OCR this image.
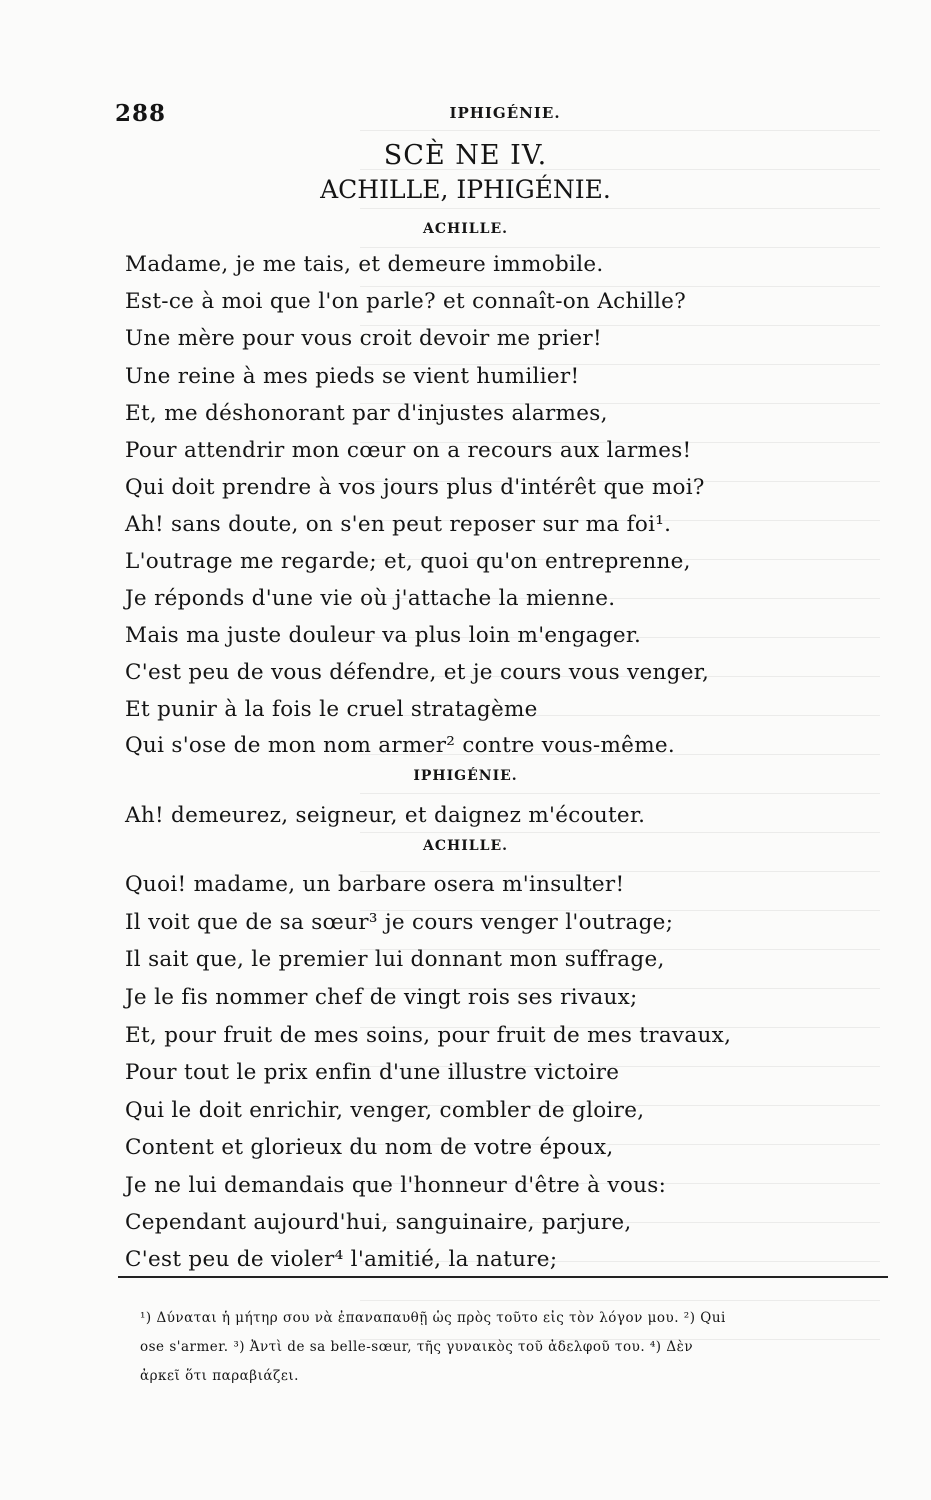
288	IPHIGÉNIE.
SCÈ NE IV.
ACHILLE, IPHIGÉNIE.
ACHILLE.
Madame, je me tais, et demeure immobile.
Est-ce à moi que l'on parle? et connaît-on Achille?
Une mère pour vous croit devoir me prier!
Une reine à mes pieds se vient humilier!
Et, me déshonorant par d'injustes alarmes,
Pour attendrir mon cœur on a recours aux larmes!
Qui doit prendre à vos jours plus d'intérêt que moi?
Ah! sans doute, on s'en peut reposer sur ma foi¹.
L'outrage me regarde; et, quoi qu'on entreprenne,
Je réponds d'une vie où j'attache la mienne.
Mais ma juste douleur va plus loin m'engager.
C'est peu de vous défendre, et je cours vous venger,
Et punir à la fois le cruel stratagème
Qui s'ose de mon nom armer² contre vous-même.
IPHIGÉNIE.
Ah! demeurez, seigneur, et daignez m'écouter.
ACHILLE.
Quoi! madame, un barbare osera m'insulter!
Il voit que de sa sœur³ je cours venger l'outrage;
Il sait que, le premier lui donnant mon suffrage,
Je le fis nommer chef de vingt rois ses rivaux;
Et, pour fruit de mes soins, pour fruit de mes travaux,
Pour tout le prix enfin d'une illustre victoire
Qui le doit enrichir, venger, combler de gloire,
Content et glorieux du nom de votre époux,
Je ne lui demandais que l'honneur d'être à vous:
Cependant aujourd'hui, sanguinaire, parjure,
C'est peu de violer⁴ l'amitié, la nature;
¹) Δύναται ἡ μήτηρ σου νὰ ἐπαναπαυθῇ ὡς πρὸς τοῦτο εἰς τὸν λόγον μου. ²) Qui
ose s'armer. ³) Ἀντὶ de sa belle-sœur, τῆς γυναικὸς τοῦ ἀδελφοῦ του. ⁴) Δὲν
ἀρκεῖ ὅτι παραβιάζει.
